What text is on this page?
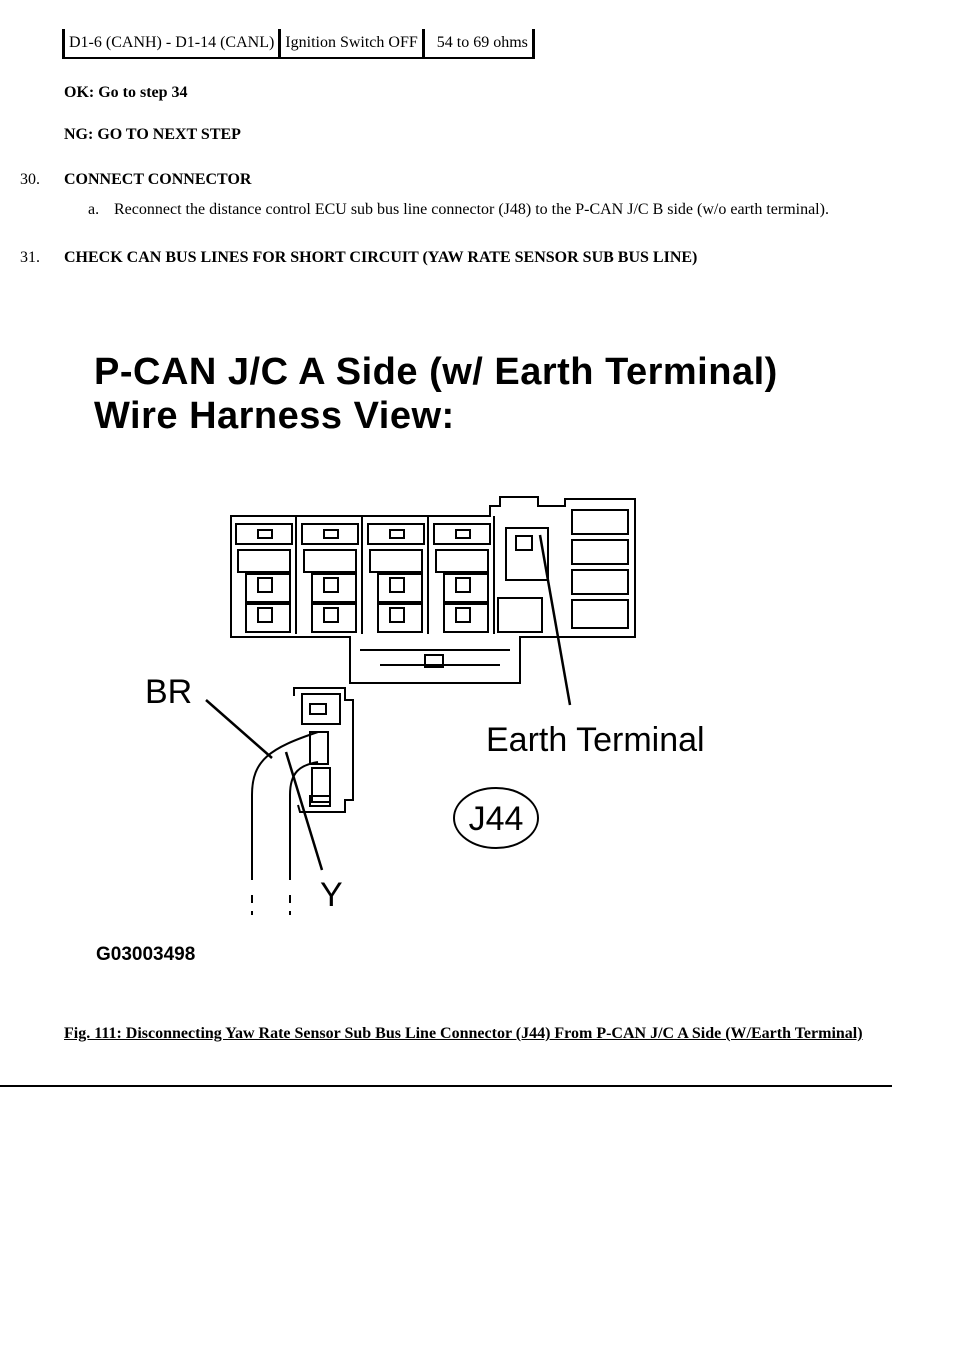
D1-6 (CANH) - D1-14 (CANL) Ignition Switch OFF	54 to 69 ohms
OK: Go to step 34
NG: GO TO NEXT STEP
30. CONNECT CONNECTOR
a. Reconnect the distance control ECU sub bus line connector (J48) to the P-CAN J/C B side (w/o earth terminal).
31. CHECK CAN BUS LINES FOR SHORT CIRCUIT (YAW RATE SENSOR SUB BUS LINE)
P-CAN J/C A Side (w/ Earth Terminal)
Wire Harness View:
BR
Earth Terminal
J44
Y
G03003498
Fig. 111: Disconnecting Yaw Rate Sensor Sub Bus Line Connector (J44) From P-CAN J/C A Side (W/Earth Terminal)
